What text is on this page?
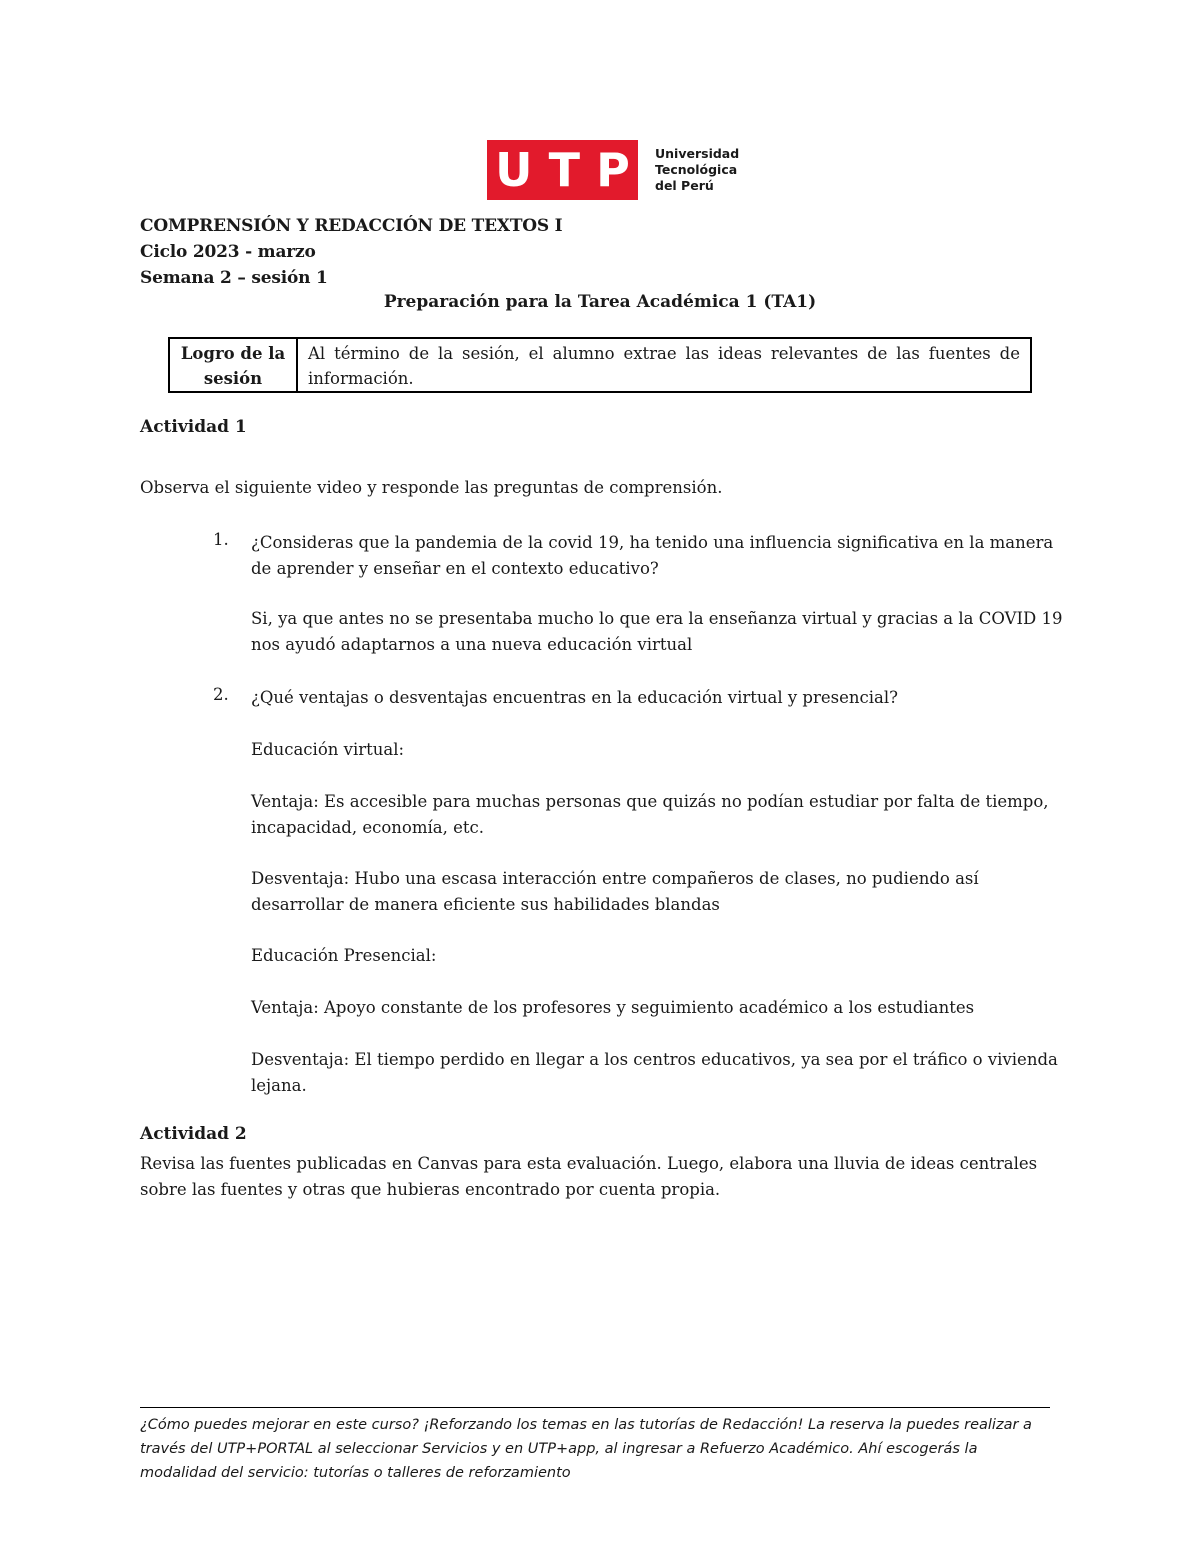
U T P Universidad
Tecnológica
del Perú
COMPRENSIÓN Y REDACCIÓN DE TEXTOS I
Ciclo 2023 - marzo
Semana 2 – sesión 1
Preparación para la Tarea Académica 1 (TA1)
Logro de la sesión	Al término de la sesión, el alumno extrae las ideas relevantes de las fuentes de información.
Actividad 1
Observa el siguiente video y responde las preguntas de comprensión.
1. ¿Consideras que la pandemia de la covid 19, ha tenido una influencia significativa en la manera de aprender y enseñar en el contexto educativo?
Si, ya que antes no se presentaba mucho lo que era la enseñanza virtual y gracias a la COVID 19 nos ayudó adaptarnos a una nueva educación virtual
2. ¿Qué ventajas o desventajas encuentras en la educación virtual y presencial?
Educación virtual:
Ventaja: Es accesible para muchas personas que quizás no podían estudiar por falta de tiempo, incapacidad, economía, etc.
Desventaja: Hubo una escasa interacción entre compañeros de clases, no pudiendo así desarrollar de manera eficiente sus habilidades blandas
Educación Presencial:
Ventaja: Apoyo constante de los profesores y seguimiento académico a los estudiantes
Desventaja: El tiempo perdido en llegar a los centros educativos, ya sea por el tráfico o vivienda lejana.
Actividad 2
Revisa las fuentes publicadas en Canvas para esta evaluación. Luego, elabora una lluvia de ideas centrales sobre las fuentes y otras que hubieras encontrado por cuenta propia.
¿Cómo puedes mejorar en este curso? ¡Reforzando los temas en las tutorías de Redacción! La reserva la puedes realizar a través del UTP+PORTAL al seleccionar Servicios y en UTP+app, al ingresar a Refuerzo Académico. Ahí escogerás la modalidad del servicio: tutorías o talleres de reforzamiento
